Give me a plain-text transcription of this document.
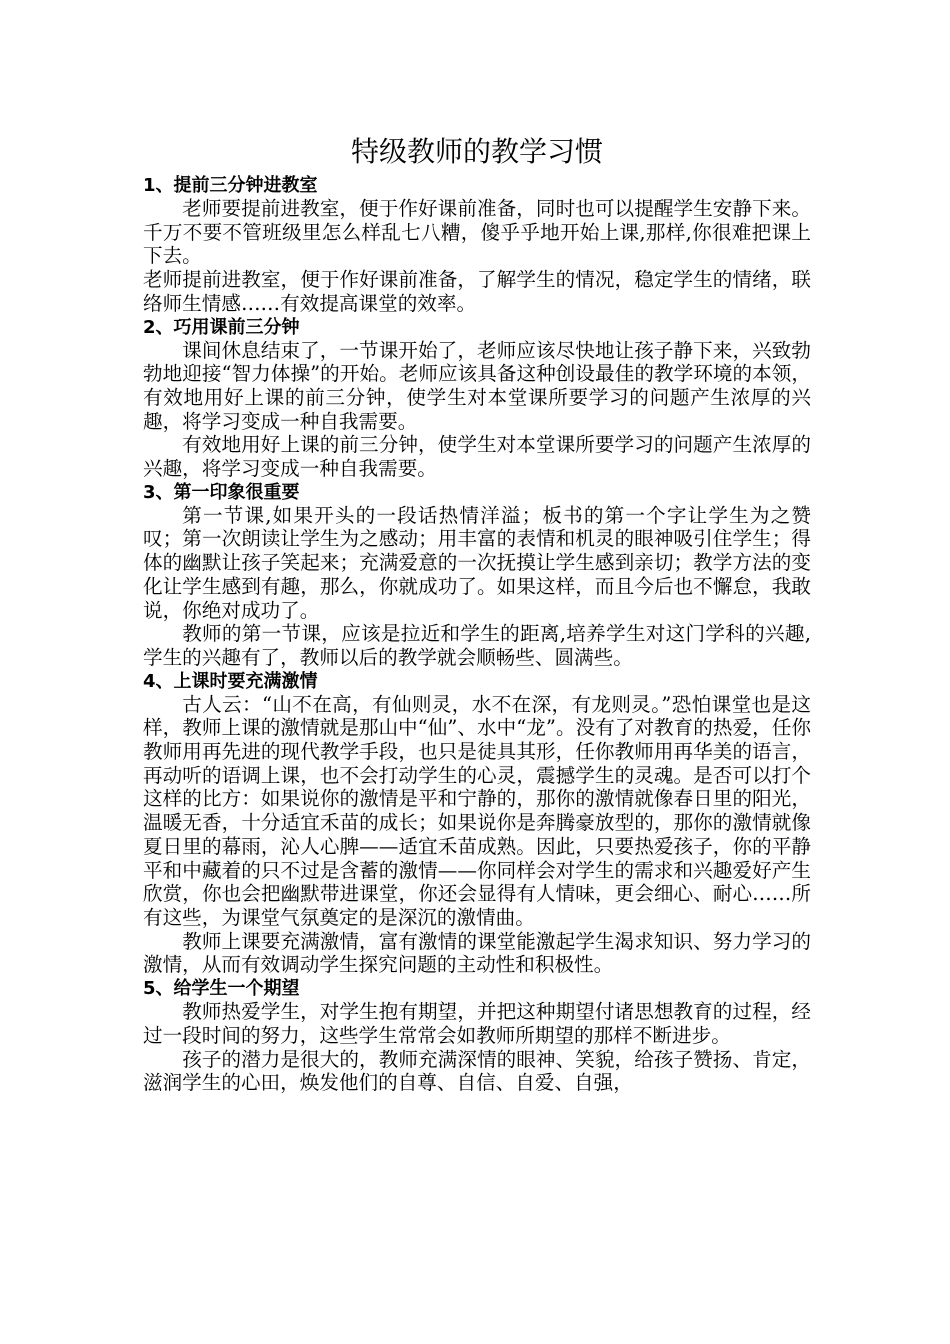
特级教师的教学习惯

1、提前三分钟进教室

老师要提前进教室，便于作好课前准备，同时也可以提醒学生安静下来。千万不要不管班级里怎么样乱七八糟，傻乎乎地开始上课,那样,你很难把课上下去。

老师提前进教室，便于作好课前准备，了解学生的情况，稳定学生的情绪，联络师生情感……有效提高课堂的效率。

2、巧用课前三分钟

课间休息结束了，一节课开始了，老师应该尽快地让孩子静下来，兴致勃勃地迎接“智力体操”的开始。老师应该具备这种创设最佳的教学环境的本领，有效地用好上课的前三分钟，使学生对本堂课所要学习的问题产生浓厚的兴趣，将学习变成一种自我需要。

有效地用好上课的前三分钟，使学生对本堂课所要学习的问题产生浓厚的兴趣，将学习变成一种自我需要。

3、第一印象很重要

第一节课,如果开头的一段话热情洋溢；板书的第一个字让学生为之赞叹；第一次朗读让学生为之感动；用丰富的表情和机灵的眼神吸引住学生；得体的幽默让孩子笑起来；充满爱意的一次抚摸让学生感到亲切；教学方法的变化让学生感到有趣，那么，你就成功了。如果这样，而且今后也不懈怠，我敢说，你绝对成功了。

教师的第一节课，应该是拉近和学生的距离,培养学生对这门学科的兴趣,学生的兴趣有了，教师以后的教学就会顺畅些、圆满些。

4、上课时要充满激情

古人云：“山不在高，有仙则灵，水不在深，有龙则灵。”恐怕课堂也是这样，教师上课的激情就是那山中“仙”、水中“龙”。没有了对教育的热爱，任你教师用再先进的现代教学手段，也只是徒具其形，任你教师用再华美的语言，再动听的语调上课，也不会打动学生的心灵，震撼学生的灵魂。是否可以打个这样的比方：如果说你的激情是平和宁静的，那你的激情就像春日里的阳光，温暖无香，十分适宜禾苗的成长；如果说你是奔腾豪放型的，那你的激情就像夏日里的幕雨，沁人心脾——适宜禾苗成熟。因此，只要热爱孩子，你的平静平和中藏着的只不过是含蓄的激情——你同样会对学生的需求和兴趣爱好产生欣赏，你也会把幽默带进课堂，你还会显得有人情味，更会细心、耐心……所有这些，为课堂气氛奠定的是深沉的激情曲。

教师上课要充满激情，富有激情的课堂能激起学生渴求知识、努力学习的激情，从而有效调动学生探究问题的主动性和积极性。

5、给学生一个期望

教师热爱学生，对学生抱有期望，并把这种期望付诸思想教育的过程，经过一段时间的努力，这些学生常常会如教师所期望的那样不断进步。

孩子的潜力是很大的，教师充满深情的眼神、笑貌，给孩子赞扬、肯定，滋润学生的心田，焕发他们的自尊、自信、自爱、自强，
